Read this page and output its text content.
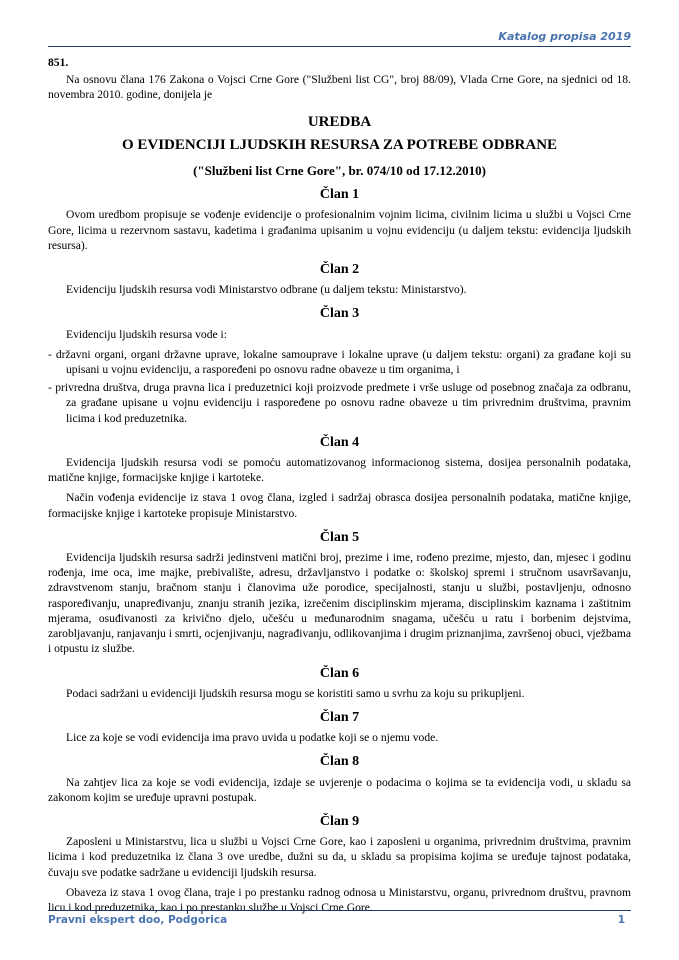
Katalog propisa 2019
851.

Na osnovu člana 176 Zakona o Vojsci Crne Gore ("Službeni list CG", broj 88/09), Vlada Crne Gore, na sjednici od 18. novembra 2010. godine, donijela je

UREDBA
O EVIDENCIJI LJUDSKIH RESURSA ZA POTREBE ODBRANE
("Službeni list Crne Gore", br. 074/10 od 17.12.2010)
Član 1

Ovom uredbom propisuje se vođenje evidencije o profesionalnim vojnim licima, civilnim licima u službi u Vojsci Crne Gore, licima u rezervnom sastavu, kadetima i građanima upisanim u vojnu evidenciju (u daljem tekstu: evidencija ljudskih resursa).

Član 2

Evidenciju ljudskih resursa vodi Ministarstvo odbrane (u daljem tekstu: Ministarstvo).

Član 3

Evidenciju ljudskih resursa vode i:

- državni organi, organi državne uprave, lokalne samouprave i lokalne uprave (u daljem tekstu: organi) za građane koji su upisani u vojnu evidenciju, a raspoređeni po osnovu radne obaveze u tim organima, i
- privredna društva, druga pravna lica i preduzetnici koji proizvode predmete i vrše usluge od posebnog značaja za odbranu, za građane upisane u vojnu evidenciju i raspoređene po osnovu radne obaveze u tim privrednim društvima, pravnim licima i kod preduzetnika.
Član 4

Evidencija ljudskih resursa vodi se pomoću automatizovanog informacionog sistema, dosijea personalnih podataka, matične knjige, formacijske knjige i kartoteke.

Način vođenja evidencije iz stava 1 ovog člana, izgled i sadržaj obrasca dosijea personalnih podataka, matične knjige, formacijske knjige i kartoteke propisuje Ministarstvo.

Član 5

Evidencija ljudskih resursa sadrži jedinstveni matični broj, prezime i ime, rođeno prezime, mjesto, dan, mjesec i godinu rođenja, ime oca, ime majke, prebivalište, adresu, državljanstvo i podatke o: školskoj spremi i stručnom usavršavanju, zdravstvenom stanju, bračnom stanju i članovima uže porodice, specijalnosti, stanju u službi, postavljenju, odnosno raspoređivanju, unapređivanju, znanju stranih jezika, izrečenim disciplinskim mjerama, disciplinskim kaznama i zaštitnim mjerama, osuđivanosti za krivično djelo, učešću u međunarodnim snagama, učešću u ratu i borbenim dejstvima, zarobljavanju, ranjavanju i smrti, ocjenjivanju, nagrađivanju, odlikovanjima i drugim priznanjima, završenoj obuci, vježbama i otpustu iz službe.

Član 6

Podaci sadržani u evidenciji ljudskih resursa mogu se koristiti samo u svrhu za koju su prikupljeni.

Član 7

Lice za koje se vodi evidencija ima pravo uvida u podatke koji se o njemu vode.

Član 8

Na zahtjev lica za koje se vodi evidencija, izdaje se uvjerenje o podacima o kojima se ta evidencija vodi, u skladu sa zakonom kojim se uređuje upravni postupak.

Član 9

Zaposleni u Ministarstvu, lica u službi u Vojsci Crne Gore, kao i zaposleni u organima, privrednim društvima, pravnim licima i kod preduzetnika iz člana 3 ove uredbe, dužni su da, u skladu sa propisima kojima se uređuje tajnost podataka, čuvaju sve podatke sadržane u evidenciji ljudskih resursa.

Obaveza iz stava 1 ovog člana, traje i po prestanku radnog odnosa u Ministarstvu, organu, privrednom društvu, pravnom licu i kod preduzetnika, kao i po prestanku službe u Vojsci Crne Gore.

Pravni ekspert doo, Podgorica	1
